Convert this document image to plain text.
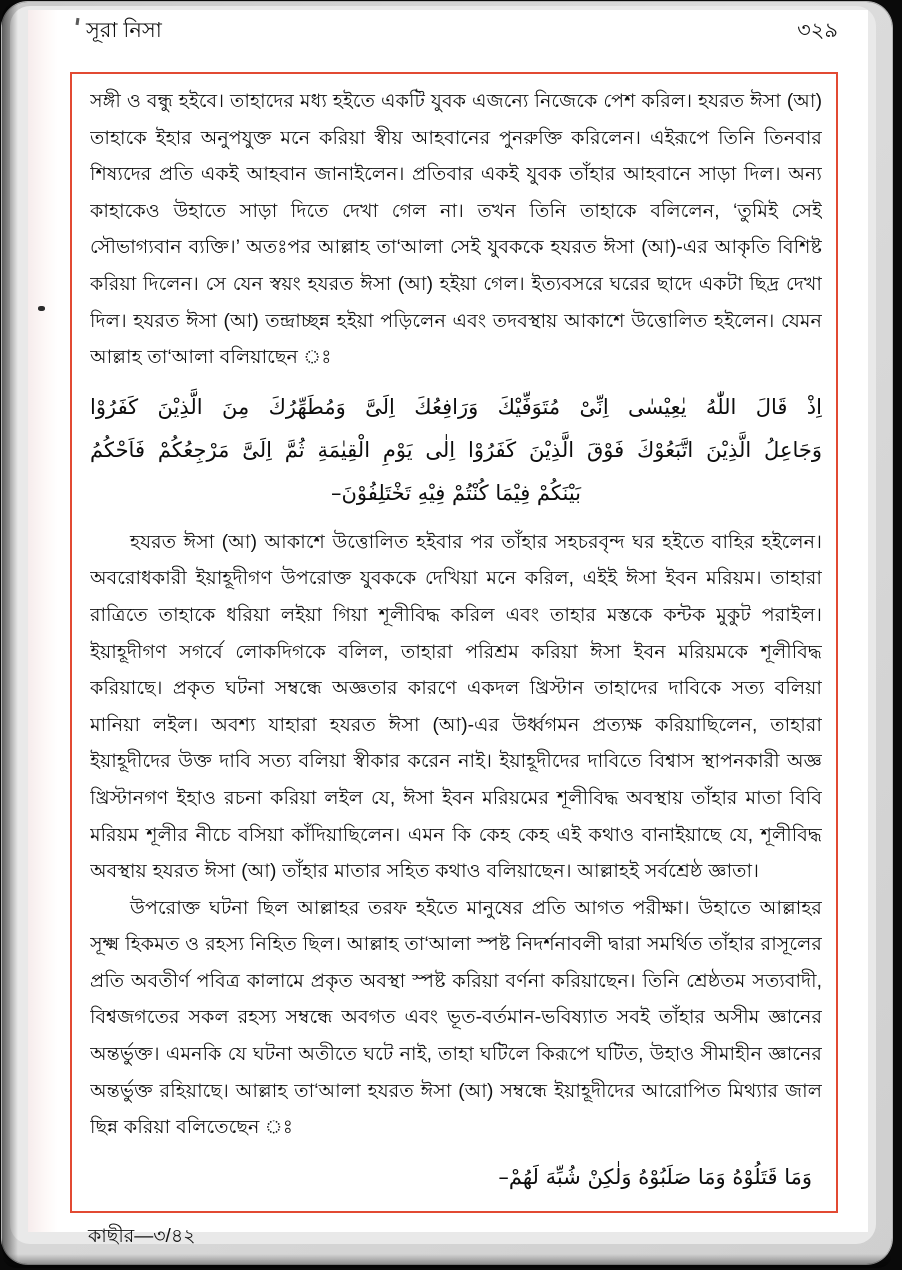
সূরা নিসা	৩২৯

সঙ্গী ও বন্ধু হইবে। তাহাদের মধ্য হইতে একটি যুবক এজন্যে নিজেকে পেশ করিল। হযরত ঈসা (আ) তাহাকে ইহার অনুপযুক্ত মনে করিয়া স্বীয় আহবানের পুনরুক্তি করিলেন। এইরূপে তিনি তিনবার শিষ্যদের প্রতি একই আহবান জানাইলেন। প্রতিবার একই যুবক তাঁহার আহবানে সাড়া দিল। অন্য কাহাকেও উহাতে সাড়া দিতে দেখা গেল না। তখন তিনি তাহাকে বলিলেন, ‘তুমিই সেই সৌভাগ্যবান ব্যক্তি।’ অতঃপর আল্লাহ তা‘আলা সেই যুবককে হযরত ঈসা (আ)-এর আকৃতি বিশিষ্ট করিয়া দিলেন। সে যেন স্বয়ং হযরত ঈসা (আ) হইয়া গেল। ইত্যবসরে ঘরের ছাদে একটা ছিদ্র দেখা দিল। হযরত ঈসা (আ) তন্দ্রাচ্ছন্ন হইয়া পড়িলেন এবং তদবস্থায় আকাশে উত্তোলিত হইলেন। যেমন আল্লাহ তা‘আলা বলিয়াছেন ঃ

اِذْ قَالَ اللّٰهُ يٰعِيْسٰى اِنِّىْ مُتَوَفِّيْكَ وَرَافِعُكَ اِلَىَّ وَمُطَهِّرُكَ مِنَ الَّذِيْنَ كَفَرُوْا
وَجَاعِلُ الَّذِيْنَ اتَّبَعُوْكَ فَوْقَ الَّذِيْنَ كَفَرُوْا اِلٰى يَوْمِ الْقِيٰمَةِ ثُمَّ اِلَىَّ مَرْجِعُكُمْ فَاَحْكُمُ
بَيْنَكُمْ فِيْمَا كُنْتُمْ فِيْهِ تَخْتَلِفُوْنَ–

হযরত ঈসা (আ) আকাশে উত্তোলিত হইবার পর তাঁহার সহচরবৃন্দ ঘর হইতে বাহির হইলেন। অবরোধকারী ইয়াহূদীগণ উপরোক্ত যুবককে দেখিয়া মনে করিল, এইই ঈসা ইবন মরিয়ম। তাহারা রাত্রিতে তাহাকে ধরিয়া লইয়া গিয়া শূলীবিদ্ধ করিল এবং তাহার মস্তকে কন্টক মুকুট পরাইল। ইয়াহূদীগণ সগর্বে লোকদিগকে বলিল, তাহারা পরিশ্রম করিয়া ঈসা ইবন মরিয়মকে শূলীবিদ্ধ করিয়াছে। প্রকৃত ঘটনা সম্বন্ধে অজ্ঞতার কারণে একদল খ্রিস্টান তাহাদের দাবিকে সত্য বলিয়া মানিয়া লইল। অবশ্য যাহারা হযরত ঈসা (আ)-এর উর্ধ্বগমন প্রত্যক্ষ করিয়াছিলেন, তাহারা ইয়াহূদীদের উক্ত দাবি সত্য বলিয়া স্বীকার করেন নাই। ইয়াহূদীদের দাবিতে বিশ্বাস স্থাপনকারী অজ্ঞ খ্রিস্টানগণ ইহাও রচনা করিয়া লইল যে, ঈসা ইবন মরিয়মের শূলীবিদ্ধ অবস্থায় তাঁহার মাতা বিবি মরিয়ম শূলীর নীচে বসিয়া কাঁদিয়াছিলেন। এমন কি কেহ কেহ এই কথাও বানাইয়াছে যে, শূলীবিদ্ধ অবস্থায় হযরত ঈসা (আ) তাঁহার মাতার সহিত কথাও বলিয়াছেন। আল্লাহই সর্বশ্রেষ্ঠ জ্ঞাতা।

উপরোক্ত ঘটনা ছিল আল্লাহর তরফ হইতে মানুষের প্রতি আগত পরীক্ষা। উহাতে আল্লাহর সূক্ষ্ম হিকমত ও রহস্য নিহিত ছিল। আল্লাহ তা‘আলা স্পষ্ট নিদর্শনাবলী দ্বারা সমর্থিত তাঁহার রাসূলের প্রতি অবতীর্ণ পবিত্র কালামে প্রকৃত অবস্থা স্পষ্ট করিয়া বর্ণনা করিয়াছেন। তিনি শ্রেষ্ঠতম সত্যবাদী, বিশ্বজগতের সকল রহস্য সম্বন্ধে অবগত এবং ভূত-বর্তমান-ভবিষ্যাত সবই তাঁহার অসীম জ্ঞানের অন্তর্ভুক্ত। এমনকি যে ঘটনা অতীতে ঘটে নাই, তাহা ঘটিলে কিরূপে ঘটিত, উহাও সীমাহীন জ্ঞানের অন্তর্ভুক্ত রহিয়াছে। আল্লাহ তা‘আলা হযরত ঈসা (আ) সম্বন্ধে ইয়াহূদীদের আরোপিত মিথ্যার জাল ছিন্ন করিয়া বলিতেছেন ঃ

وَمَا قَتَلُوْهُ وَمَا صَلَبُوْهُ وَلٰكِنْ شُبِّهَ لَهُمْ–

কাছীর—৩/৪২
